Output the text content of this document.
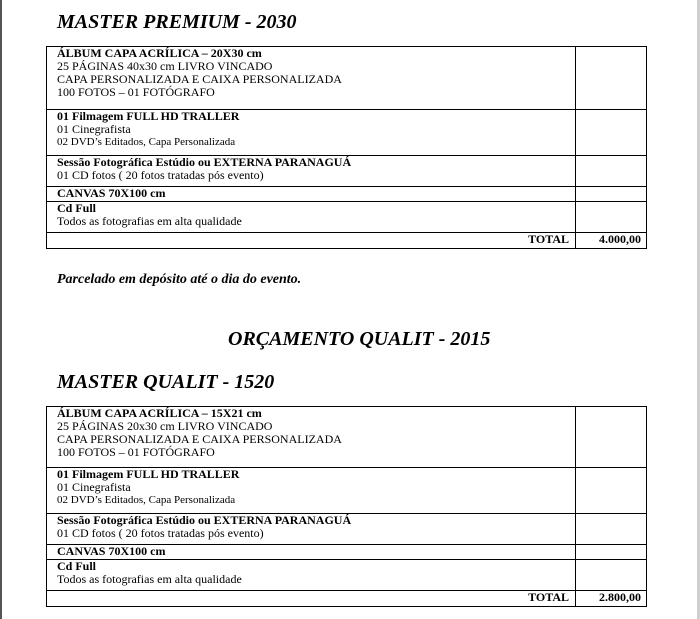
MASTER PREMIUM - 2030
ÁLBUM CAPA ACRÍLICA – 20X30 cm
25 PÁGINAS 40x30 cm LIVRO VINCADO
CAPA PERSONALIZADA E CAIXA PERSONALIZADA
100 FOTOS – 01 FOTÓGRAFO	

01 Filmagem FULL HD TRALLER
01 Cinegrafista
02 DVD’s Editados, Capa Personalizada	

Sessão Fotográfica Estúdio ou EXTERNA PARANAGUÁ
01 CD fotos ( 20 fotos tratadas pós evento)	

CANVAS 70X100 cm	

Cd Full
Todos as fotografias em alta qualidade	

TOTAL	4.000,00
Parcelado em depósito até o dia do evento.
ORÇAMENTO QUALIT - 2015
MASTER QUALIT - 1520
ÁLBUM CAPA ACRÍLICA – 15X21 cm
25 PÁGINAS 20x30 cm LIVRO VINCADO
CAPA PERSONALIZADA E CAIXA PERSONALIZADA
100 FOTOS – 01 FOTÓGRAFO	

01 Filmagem FULL HD TRALLER
01 Cinegrafista
02 DVD’s Editados, Capa Personalizada	

Sessão Fotográfica Estúdio ou EXTERNA PARANAGUÁ
01 CD fotos ( 20 fotos tratadas pós evento)	

CANVAS 70X100 cm	

Cd Full
Todos as fotografias em alta qualidade	

TOTAL	2.800,00
